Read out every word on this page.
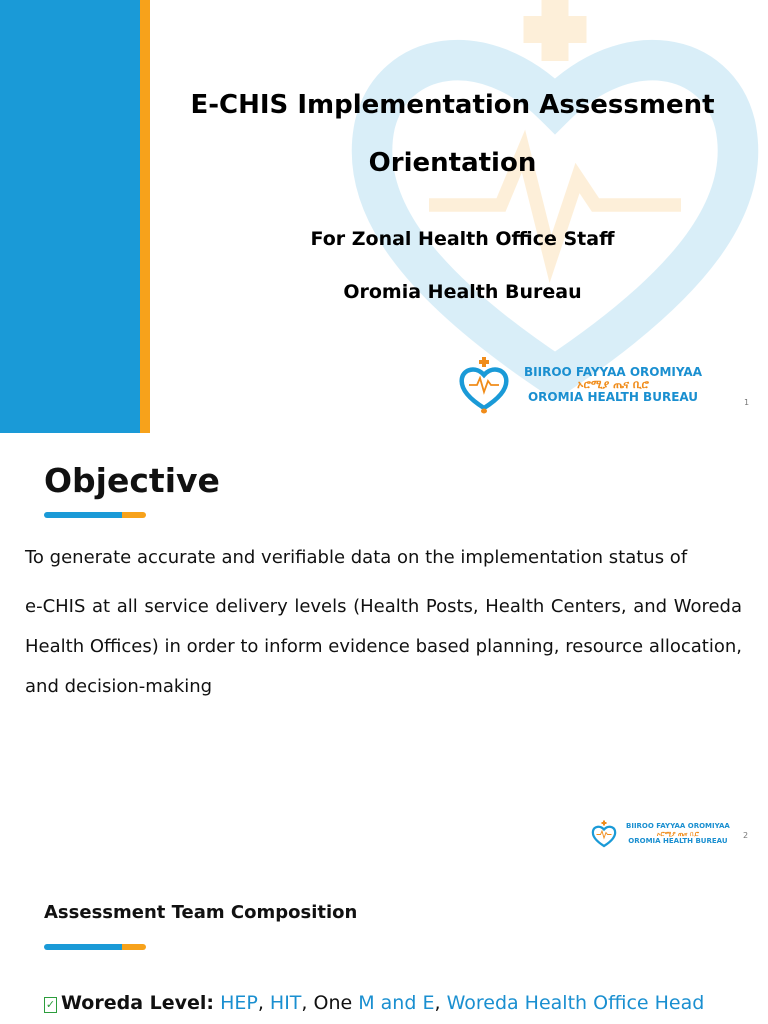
E-CHIS Implementation Assessment
Orientation
For Zonal Health Office Staff
Oromia Health Bureau
BIIROO FAYYAA OROMIYAA
ኦሮሚያ ጤና ቢሮ
OROMIA HEALTH BUREAU	1
Objective
To generate accurate and verifiable data on the implementation status of
e-CHIS at all service delivery levels (Health Posts, Health Centers, and Woreda Health Offices) in order to inform evidence based planning, resource allocation, and decision-making
BIIROO FAYYAA OROMIYAA
ኦሮሚያ ጤና ቢሮ
OROMIA HEALTH BUREAU
2
Assessment Team Composition
✓ Woreda Level: HEP, HIT, One M and E, Woreda Health Office Head
